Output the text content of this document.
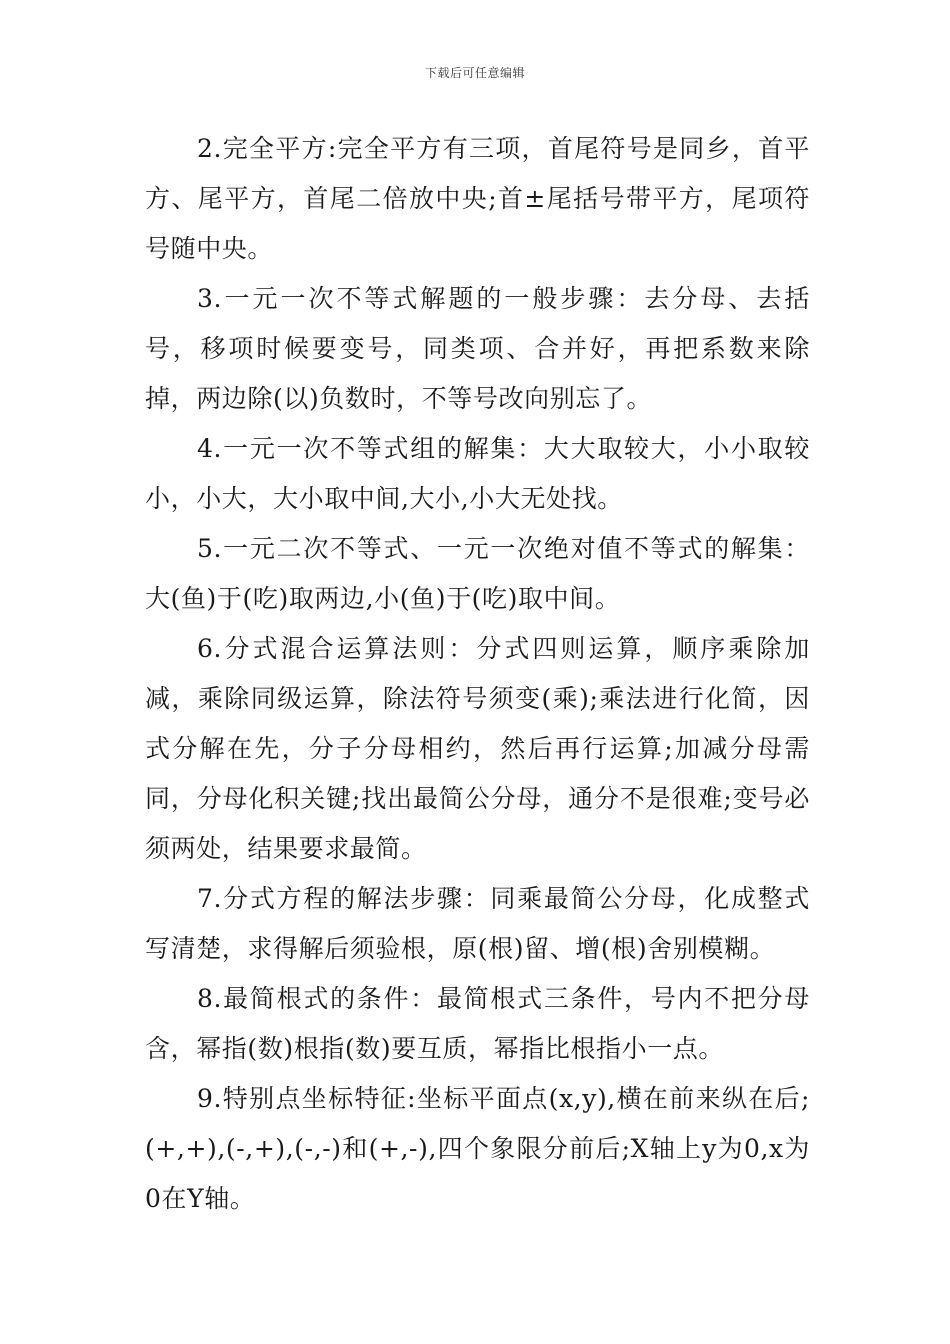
下载后可任意编辑

2.完全平方:完全平方有三项，首尾符号是同乡，首平方、尾平方，首尾二倍放中央;首±尾括号带平方，尾项符号随中央。

3.一元一次不等式解题的一般步骤：去分母、去括号，移项时候要变号，同类项、合并好，再把系数来除掉，两边除(以)负数时，不等号改向别忘了。

4.一元一次不等式组的解集：大大取较大，小小取较小，小大，大小取中间,大小,小大无处找。

5.一元二次不等式、一元一次绝对值不等式的解集：大(鱼)于(吃)取两边,小(鱼)于(吃)取中间。

6.分式混合运算法则：分式四则运算，顺序乘除加减，乘除同级运算，除法符号须变(乘);乘法进行化简，因式分解在先，分子分母相约，然后再行运算;加减分母需同，分母化积关键;找出最简公分母，通分不是很难;变号必须两处，结果要求最简。

7.分式方程的解法步骤：同乘最简公分母，化成整式写清楚，求得解后须验根，原(根)留、增(根)舍别模糊。

8.最简根式的条件：最简根式三条件，号内不把分母含，幂指(数)根指(数)要互质，幂指比根指小一点。

9.特别点坐标特征:坐标平面点(x,y),横在前来纵在后;(+,+),(-,+),(-,-)和(+,-),四个象限分前后;X轴上y为0,x为0在Y轴。
